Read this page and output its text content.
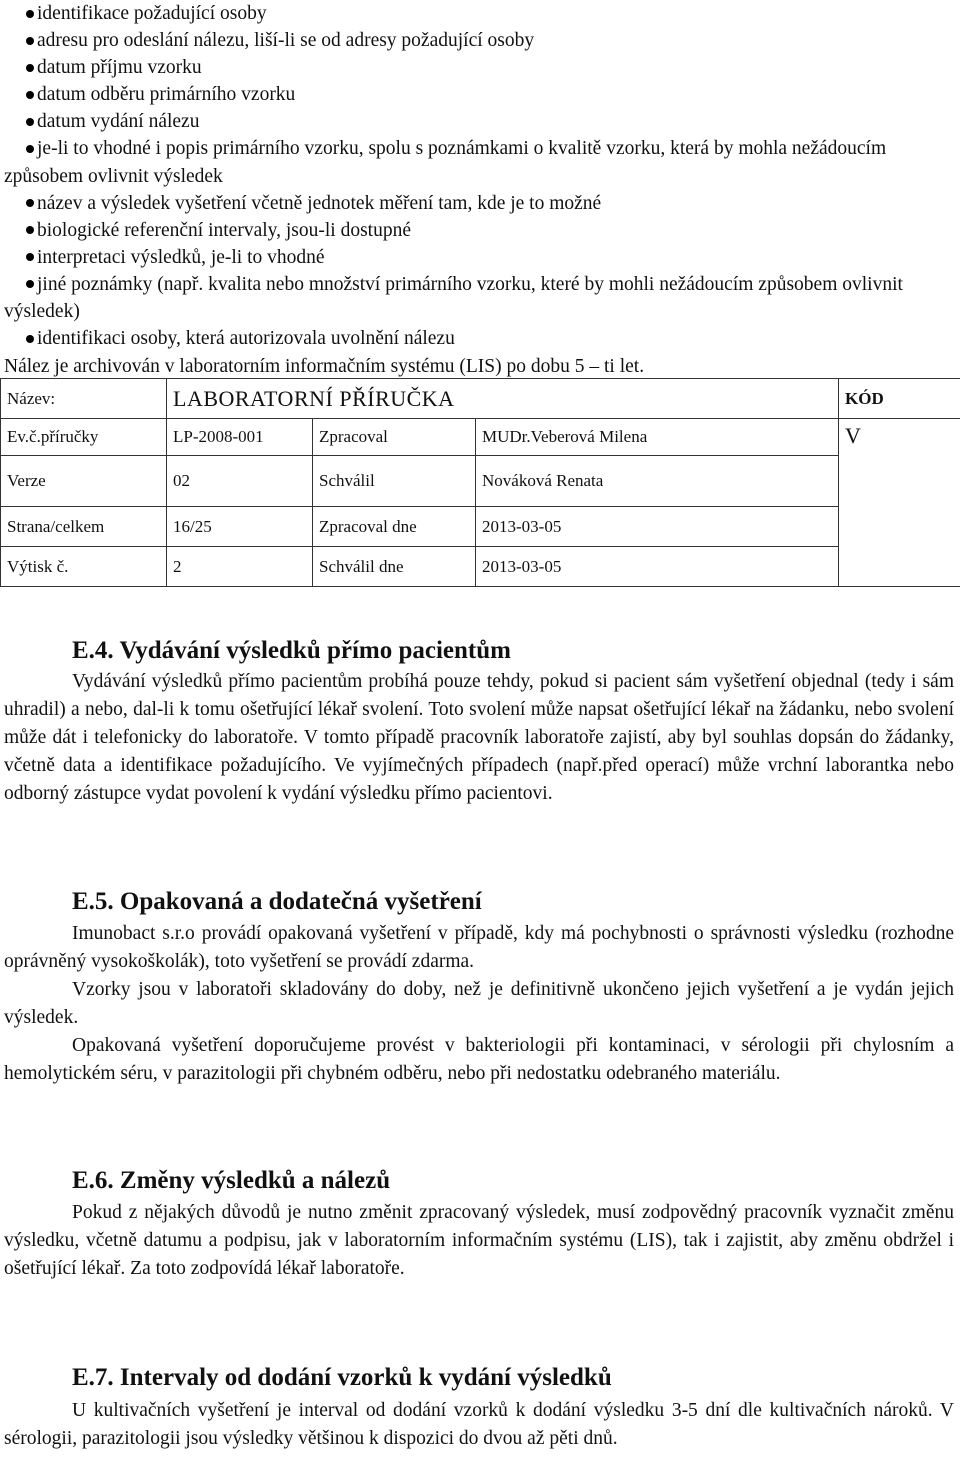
identifikace požadující osoby
adresu pro odeslání nálezu, liší-li se od adresy požadující osoby
datum příjmu vzorku
datum odběru primárního vzorku
datum vydání nálezu
je-li to vhodné i popis primárního vzorku, spolu s poznámkami o kvalitě vzorku, která by mohla nežádoucím způsobem ovlivnit výsledek
název a výsledek vyšetření včetně jednotek měření tam, kde je to možné
biologické referenční intervaly, jsou-li dostupné
interpretaci výsledků, je-li to vhodné
jiné poznámky (např. kvalita nebo množství primárního vzorku, které by mohli nežádoucím způsobem ovlivnit výsledek)
identifikaci osoby, která autorizovala uvolnění nálezu
Nález je archivován v laboratorním informačním systému (LIS) po dobu 5 – ti let.
Název:	LABORATORNÍ PŘÍRUČKA			KÓD
Ev.č.příručky	LP-2008-001	Zpracoval	MUDr.Veberová Milena	V
Verze	02	Schválil	Nováková Renata	
Strana/celkem	16/25	Zpracoval dne	2013-03-05	
Výtisk č.	2	Schválil dne	2013-03-05	
E.4. Vydávání výsledků přímo pacientům

Vydávání výsledků přímo pacientům probíhá pouze tehdy, pokud si pacient sám vyšetření objednal (tedy i sám uhradil) a nebo, dal-li k tomu ošetřující lékař svolení. Toto svolení může napsat ošetřující lékař na žádanku, nebo svolení může dát i telefonicky do laboratoře. V tomto případě pracovník laboratoře zajistí, aby byl souhlas dopsán do žádanky, včetně data a identifikace požadujícího. Ve vyjímečných případech (např.před operací) může vrchní laborantka nebo odborný zástupce vydat povolení k vydání výsledku přímo pacientovi.

E.5. Opakovaná a dodatečná vyšetření

Imunobact s.r.o provádí opakovaná vyšetření v případě, kdy má pochybnosti o správnosti výsledku (rozhodne oprávněný vysokoškolák), toto vyšetření se provádí zdarma.

Vzorky jsou v laboratoři skladovány do doby, než je definitivně ukončeno jejich vyšetření a je vydán jejich výsledek.

Opakovaná vyšetření doporučujeme provést v bakteriologii při kontaminaci, v sérologii při chylosním a hemolytickém séru, v parazitologii při chybném odběru, nebo při nedostatku odebraného materiálu.

E.6. Změny výsledků a nálezů

Pokud z nějakých důvodů je nutno změnit zpracovaný výsledek, musí zodpovědný pracovník vyznačit změnu výsledku, včetně datumu a podpisu, jak v laboratorním informačním systému (LIS), tak i zajistit, aby změnu obdržel i ošetřující lékař. Za toto zodpovídá lékař laboratoře.

E.7. Intervaly od dodání vzorků k vydání výsledků

U kultivačních vyšetření je interval od dodání vzorků k dodání výsledku 3-5 dní dle kultivačních nároků. V sérologii, parazitologii jsou výsledky většinou k dispozici do dvou až pěti dnů.
